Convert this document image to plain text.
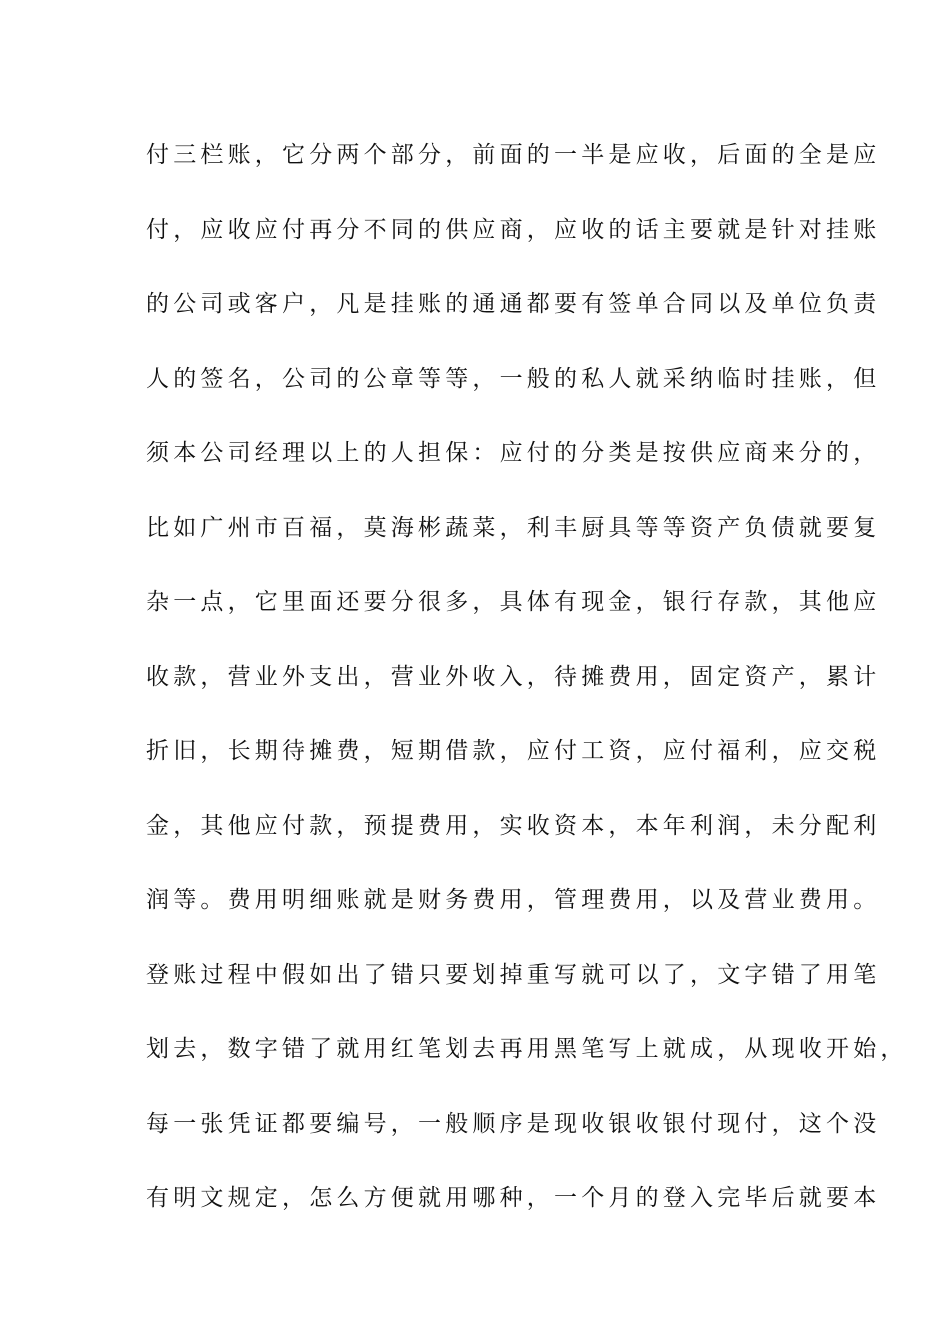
付三栏账，它分两个部分，前面的一半是应收，后面的全是应
付，应收应付再分不同的供应商，应收的话主要就是针对挂账
的公司或客户，凡是挂账的通通都要有签单合同以及单位负责
人的签名，公司的公章等等，一般的私人就采纳临时挂账，但
须本公司经理以上的人担保：应付的分类是按供应商来分的，
比如广州市百福，莫海彬蔬菜，利丰厨具等等资产负债就要复
杂一点，它里面还要分很多，具体有现金，银行存款，其他应
收款，营业外支出，营业外收入，待摊费用，固定资产，累计
折旧，长期待摊费，短期借款，应付工资，应付福利，应交税
金，其他应付款，预提费用，实收资本，本年利润，未分配利
润等。费用明细账就是财务费用，管理费用，以及营业费用。
登账过程中假如出了错只要划掉重写就可以了，文字错了用笔
划去，数字错了就用红笔划去再用黑笔写上就成，从现收开始，
每一张凭证都要编号，一般顺序是现收银收银付现付，这个没
有明文规定，怎么方便就用哪种，一个月的登入完毕后就要本
